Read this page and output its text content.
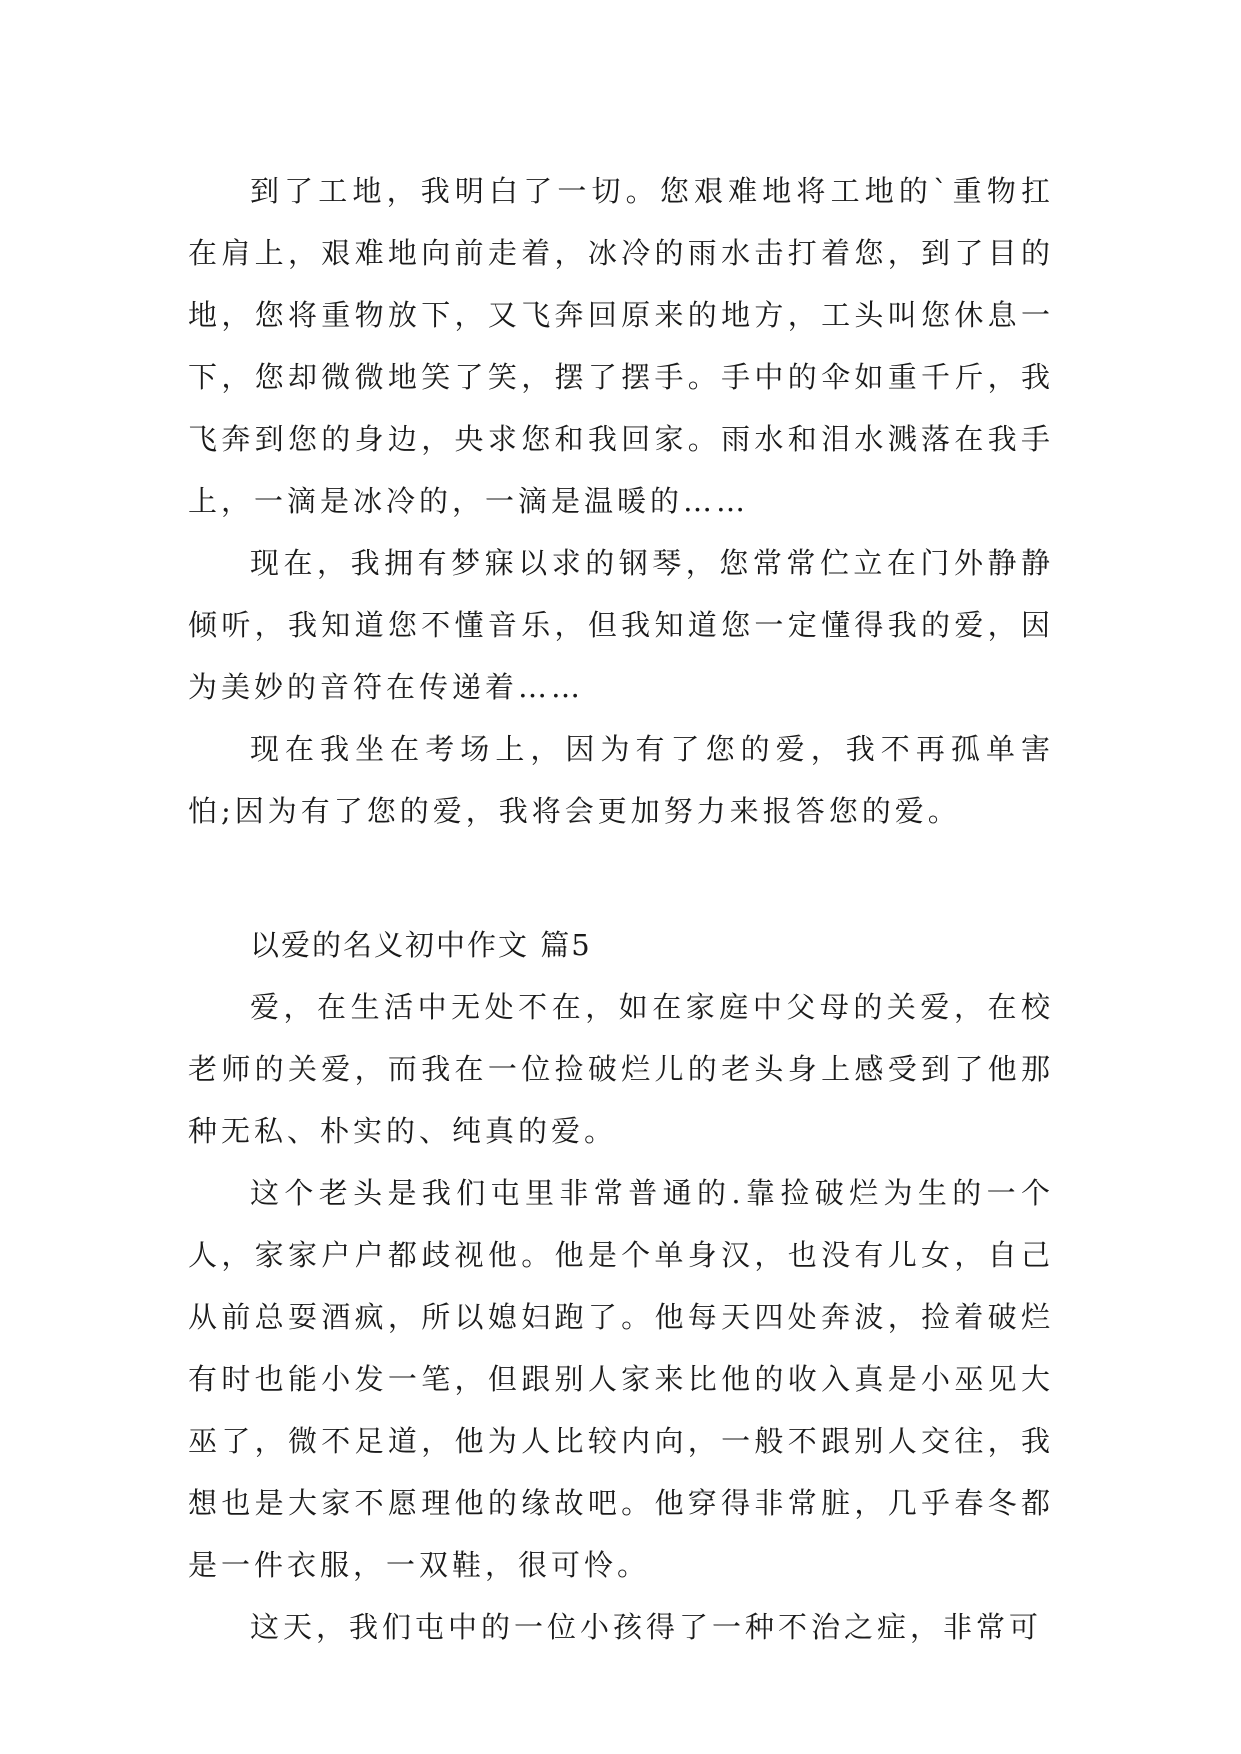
到了工地，我明白了一切。您艰难地将工地的`重物扛在肩上，艰难地向前走着，冰冷的雨水击打着您，到了目的地，您将重物放下，又飞奔回原来的地方，工头叫您休息一下，您却微微地笑了笑，摆了摆手。手中的伞如重千斤，我飞奔到您的身边，央求您和我回家。雨水和泪水溅落在我手上，一滴是冰冷的，一滴是温暖的……

现在，我拥有梦寐以求的钢琴，您常常伫立在门外静静倾听，我知道您不懂音乐，但我知道您一定懂得我的爱，因为美妙的音符在传递着……

现在我坐在考场上，因为有了您的爱，我不再孤单害怕;因为有了您的爱，我将会更加努力来报答您的爱。

以爱的名义初中作文 篇5

爱，在生活中无处不在，如在家庭中父母的关爱，在校老师的关爱，而我在一位捡破烂儿的老头身上感受到了他那种无私、朴实的、纯真的爱。

这个老头是我们屯里非常普通的.靠捡破烂为生的一个人，家家户户都歧视他。他是个单身汉，也没有儿女，自己从前总耍酒疯，所以媳妇跑了。他每天四处奔波，捡着破烂有时也能小发一笔，但跟别人家来比他的收入真是小巫见大巫了，微不足道，他为人比较内向，一般不跟别人交往，我想也是大家不愿理他的缘故吧。他穿得非常脏，几乎春冬都是一件衣服，一双鞋，很可怜。

这天，我们屯中的一位小孩得了一种不治之症，非常可
